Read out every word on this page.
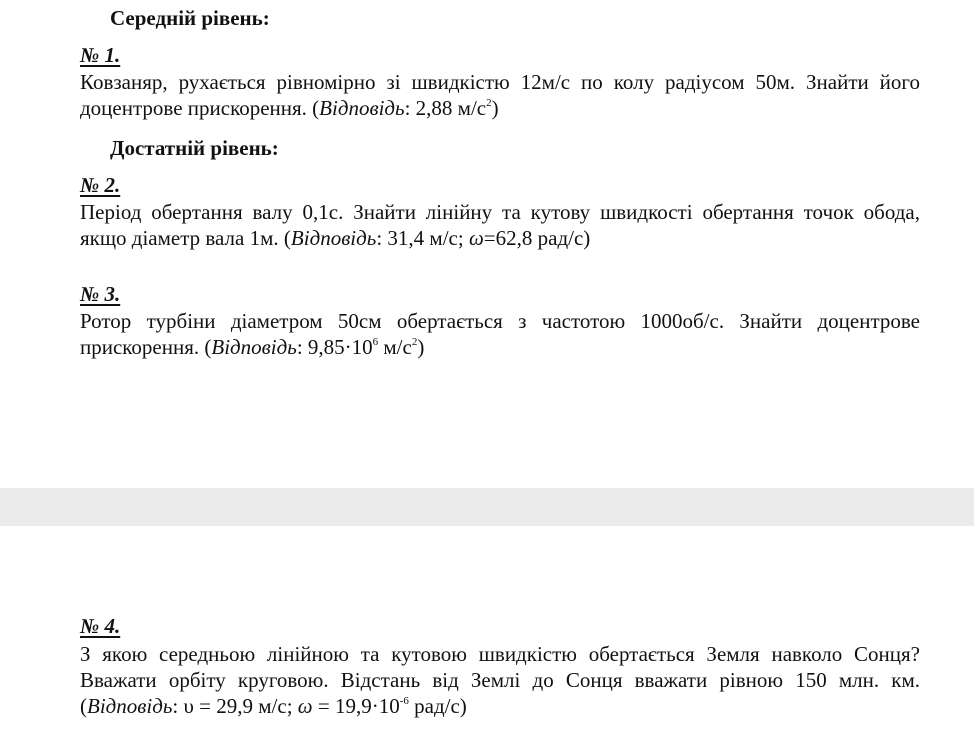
Середній рівень:
№ 1.
Ковзаняр, рухається рівномірно зі швидкістю 12м/с по колу радіусом 50м. Знайти його доцентрове прискорення. (Відповідь: 2,88 $м/с^2$)
Достатній рівень:
№ 2.
Період обертання валу 0,1с. Знайти лінійну та кутову швидкості обертання точок обода, якщо діаметр вала 1м. (Відповідь: 31,4 м/с; ω=62,8 рад/с)
№ 3.
Ротор турбіни діаметром 50см обертається з частотою 1000об/с. Знайти доцентрове прискорення. (Відповідь: $9,85\cdot 10^6$ $м/с^2$)
№ 4.
З якою середньою лінійною та кутовою швидкістю обертається Земля навколо Сонця? Вважати орбіту круговою. Відстань від Землі до Сонця вважати рівною 150 млн. км. (Відповідь: υ = 29,9 м/с; $\omega = 19,9\cdot 10^{-6}$ рад/с)
